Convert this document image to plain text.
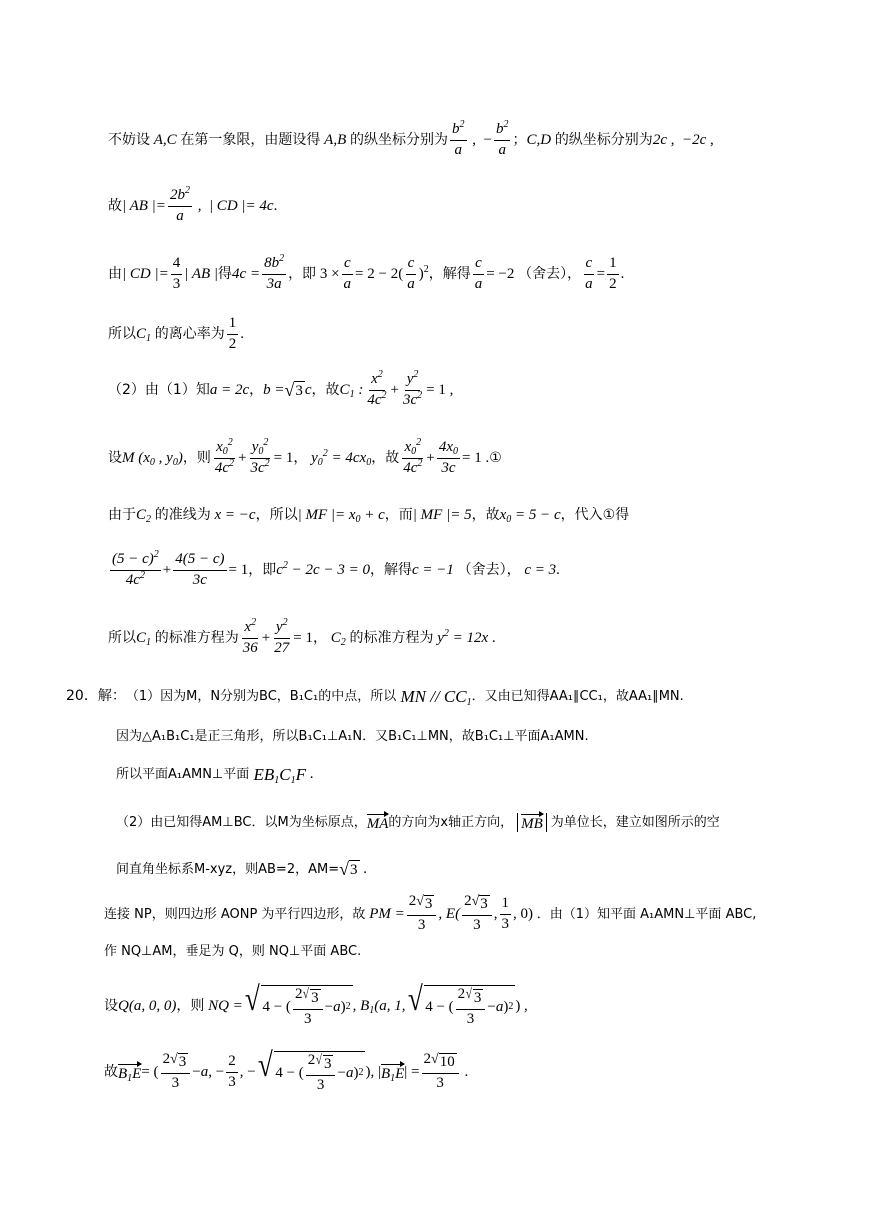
不妨设 A,C 在第一象限，由题设得 A,B 的纵坐标分别为 $\frac{b^2}{a}$ ,  − $\frac{b^2}{a}$ ； C,D 的纵坐标分别为 2c , −2c ,
故 | AB |= $\frac{2b^2}{a}$ , | CD |= 4c .
由 | CD |= $\frac{4}{3}$ | AB | 得 $4c = \frac{8b^2}{3a}$ ，即 $3 \times \frac{c}{a} = 2 - 2( \frac{c}{a} )^2$ ，解得 $\frac{c}{a} = -2$ （舍去）， $\frac{c}{a} = \frac{1}{2}$ .
所以 $C_1$ 的离心率为 $\frac{1}{2}$ .
（2）由（1）知 a = 2c ， b = √ 3 c ，故 $C_1$ : $\frac{x^2}{4c^2} + \frac{y^2}{3c^2} = 1$ ,
设 M ($x_0$ , $y_0$) ，则 $\frac{x_0^2}{4c^2} + \frac{y_0^2}{3c^2} = 1$ ， $y_0^2 = 4cx_0$ ，故 $\frac{x_0^2}{4c^2} + \frac{4x_0}{3c} = 1$ . ①
由于 $C_2$ 的准线为 x = −c ，所以 | MF |= $x_0 + c$ ，而 | MF |= 5 ，故 $x_0 = 5 - c$ ，代入①得
$\frac{(5 - c)^2}{4c^2} + \frac{4(5 - c)}{3c} = 1$ ，即 $c^2 - 2c - 3 = 0$ ，解得 c = −1 （舍去）， c = 3 .
所以 $C_1$ 的标准方程为 $\frac{x^2}{36} + \frac{y^2}{27} = 1$ ， $C_2$ 的标准方程为 $y^2 = 12x$ .
20．解： （1）因为M，N分别为BC，B₁C₁的中点，所以 MN // $CC_1$ ．又由已知得AA₁∥CC₁，故AA₁∥MN.
因为△A₁B₁C₁是正三角形，所以B₁C₁⊥A₁N．又B₁C₁⊥MN，故B₁C₁⊥平面A₁AMN.
所以平面A₁AMN⊥平面 $EB_1C_1F$ .
（2）由已知得AM⊥BC．以M为坐标原点， MA 的方向为x轴正方向， MB 为单位长，建立如图所示的空
间直角坐标系M-xyz，则AB=2，AM= √ 3 .
连接 NP，则四边形 AONP 为平行四边形，故 PM = $\frac{2 √ 3}{3}$ , $E( \frac{2 √ 3}{3}$ , $\frac{1}{3}$ , 0) ．由（1）知平面 A₁AMN⊥平面 ABC,
作 NQ⊥AM，垂足为 Q，则 NQ⊥平面 ABC.
设 Q(a, 0, 0) ，则 NQ = √ 4 − ( $\frac{2 √ 3}{3} - a$ ) 2 , $B_1(a$, 1, √ 4 − ( $\frac{2 √ 3}{3} - a$ ) 2 ) ,
故 $B_1E$ = ( $\frac{2 √ 3}{3} - a$ , − $\frac{2}{3}$ , − √ 4 − ( $\frac{2 √ 3}{3} - a$ ) 2 ), | $B_1E$ | = $\frac{2 √ 10}{3}$ .
